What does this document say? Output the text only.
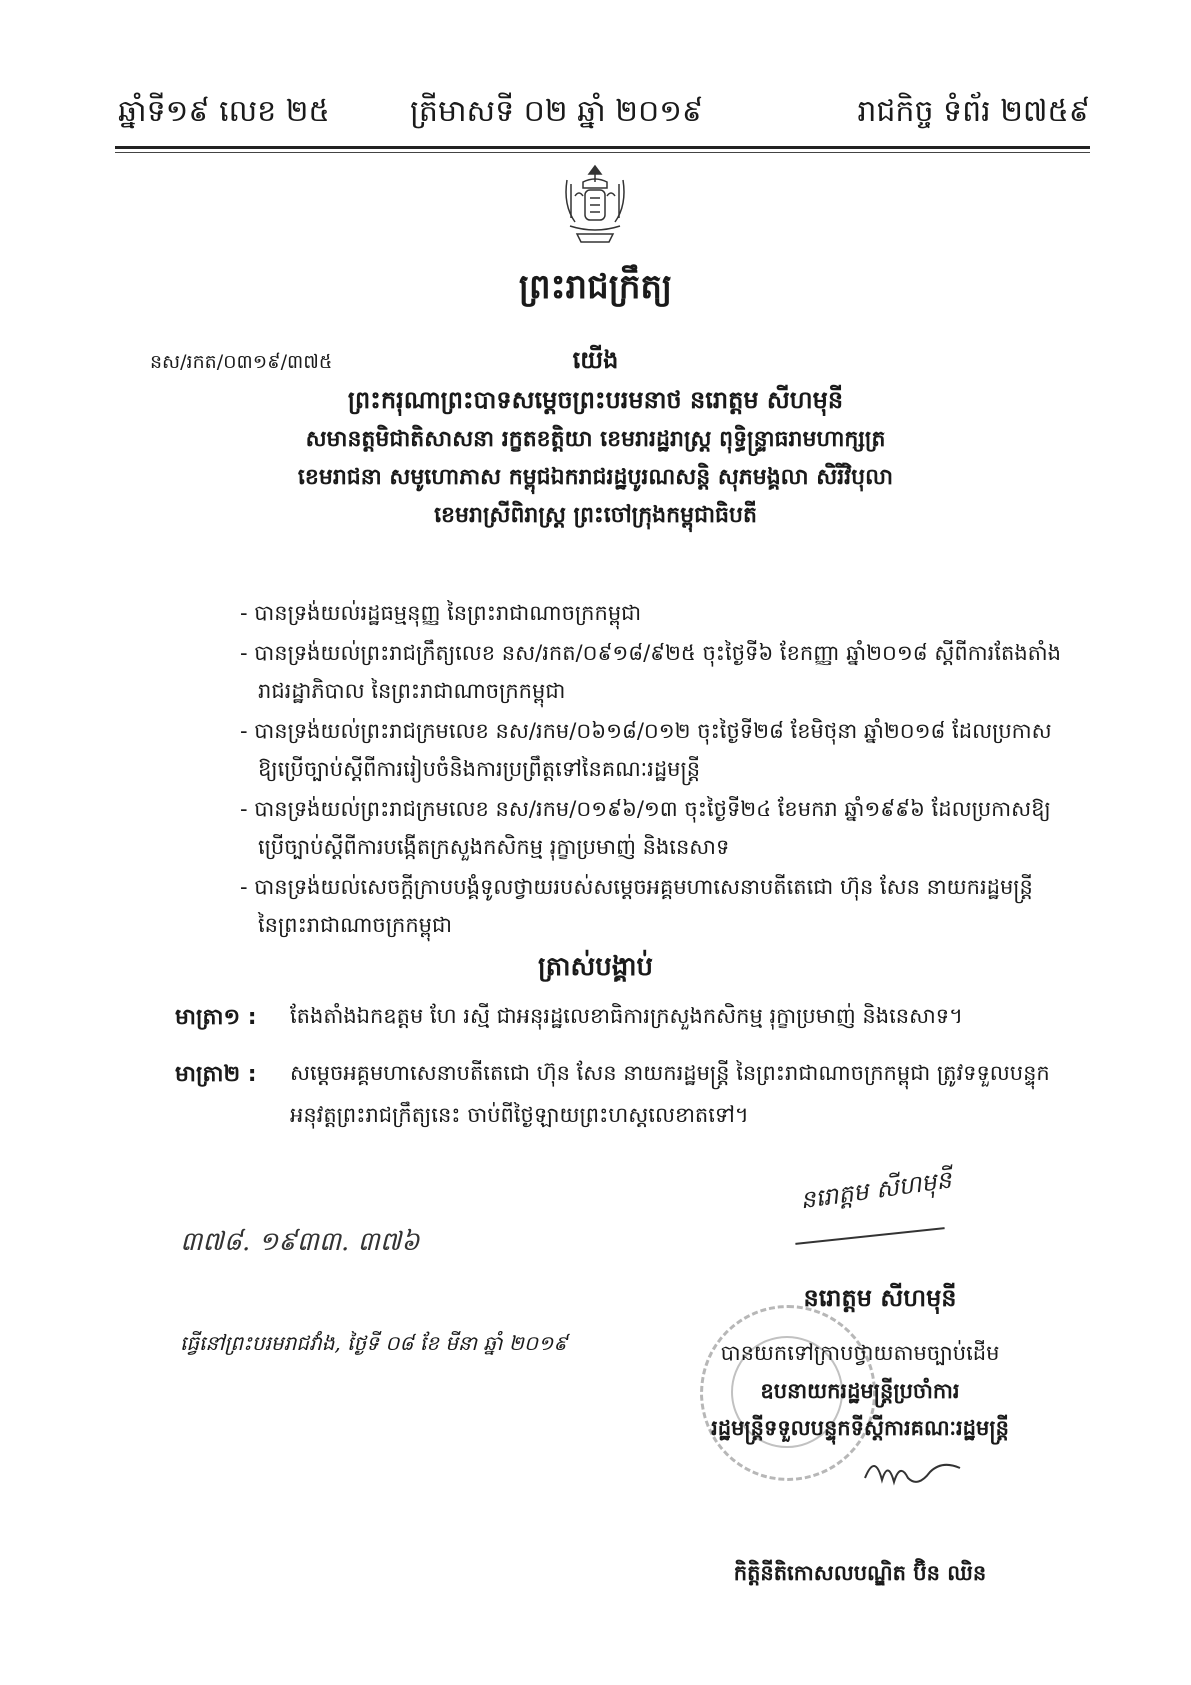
ឆ្នាំទី១៩ លេខ ២៥	ត្រីមាសទី ០២ ឆ្នាំ ២០១៩	រាជកិច្ច ទំព័រ ២៧៥៩
ព្រះរាជក្រឹត្យ
នស/រកត/០៣១៩/៣៧៥	យើង
ព្រះករុណាព្រះបាទសម្តេចព្រះបរមនាថ នរោត្តម សីហមុនី
សមានត្តមិជាតិសាសនា រក្ខតខត្តិយា ខេមរារដ្ឋរាស្ត្រ ពុទ្ធិន្រ្ទាធរាមហាក្សត្រ
ខេមរាជនា សមូហោភាស កម្ពុជឯករាជរដ្ឋបូរណសន្តិ សុភមង្គលា សិរីវិបុលា
ខេមរាស្រីពិរាស្ត្រ ព្រះចៅក្រុងកម្ពុជាធិបតី
- បានទ្រង់យល់រដ្ឋធម្មនុញ្ញ នៃព្រះរាជាណាចក្រកម្ពុជា
- បានទ្រង់យល់ព្រះរាជក្រឹត្យលេខ នស/រកត/០៩១៨/៩២៥ ចុះថ្ងៃទី៦ ខែកញ្ញា ឆ្នាំ២០១៨ ស្តីពីការតែងតាំង
រាជរដ្ឋាភិបាល នៃព្រះរាជាណាចក្រកម្ពុជា
- បានទ្រង់យល់ព្រះរាជក្រមលេខ នស/រកម/០៦១៨/០១២ ចុះថ្ងៃទី២៨ ខែមិថុនា ឆ្នាំ២០១៨ ដែលប្រកាស
ឱ្យប្រើច្បាប់ស្តីពីការរៀបចំនិងការប្រព្រឹត្តទៅនៃគណៈរដ្ឋមន្ត្រី
- បានទ្រង់យល់ព្រះរាជក្រមលេខ នស/រកម/០១៩៦/១៣ ចុះថ្ងៃទី២៤ ខែមករា ឆ្នាំ១៩៩៦ ដែលប្រកាសឱ្យ
ប្រើច្បាប់ស្តីពីការបង្កើតក្រសួងកសិកម្ម រុក្ខាប្រមាញ់ និងនេសាទ
- បានទ្រង់យល់សេចក្តីក្រាបបង្គំទូលថ្វាយរបស់សម្តេចអគ្គមហាសេនាបតីតេជោ ហ៊ុន សែន នាយករដ្ឋមន្ត្រី
នៃព្រះរាជាណាចក្រកម្ពុជា
ត្រាស់បង្គាប់
មាត្រា១ : តែងតាំងឯកឧត្តម ហែ រស្មី ជាអនុរដ្ឋលេខាធិការក្រសួងកសិកម្ម រុក្ខាប្រមាញ់ និងនេសាទ។
មាត្រា២ : សម្តេចអគ្គមហាសេនាបតីតេជោ ហ៊ុន សែន នាយករដ្ឋមន្ត្រី នៃព្រះរាជាណាចក្រកម្ពុជា ត្រូវទទួលបន្ទុក
អនុវត្តព្រះរាជក្រឹត្យនេះ ចាប់ពីថ្ងៃឡាយព្រះហស្តលេខាតទៅ។
៣៧៨. ១៩៣៣. ៣៧៦
នរោត្តម សីហមុនី
នរោត្តម សីហមុនី
ធ្វើនៅព្រះបរមរាជវាំង, ថ្ងៃទី ០៨ ខែ មីនា ឆ្នាំ ២០១៩	បានយកទៅក្រាបថ្វាយតាមច្បាប់ដើម
ឧបនាយករដ្ឋមន្ត្រីប្រចាំការ
រដ្ឋមន្ត្រីទទួលបន្ទុកទីស្តីការគណៈរដ្ឋមន្ត្រី
កិត្តិនីតិកោសលបណ្ឌិត ប៊ិន ឈិន
